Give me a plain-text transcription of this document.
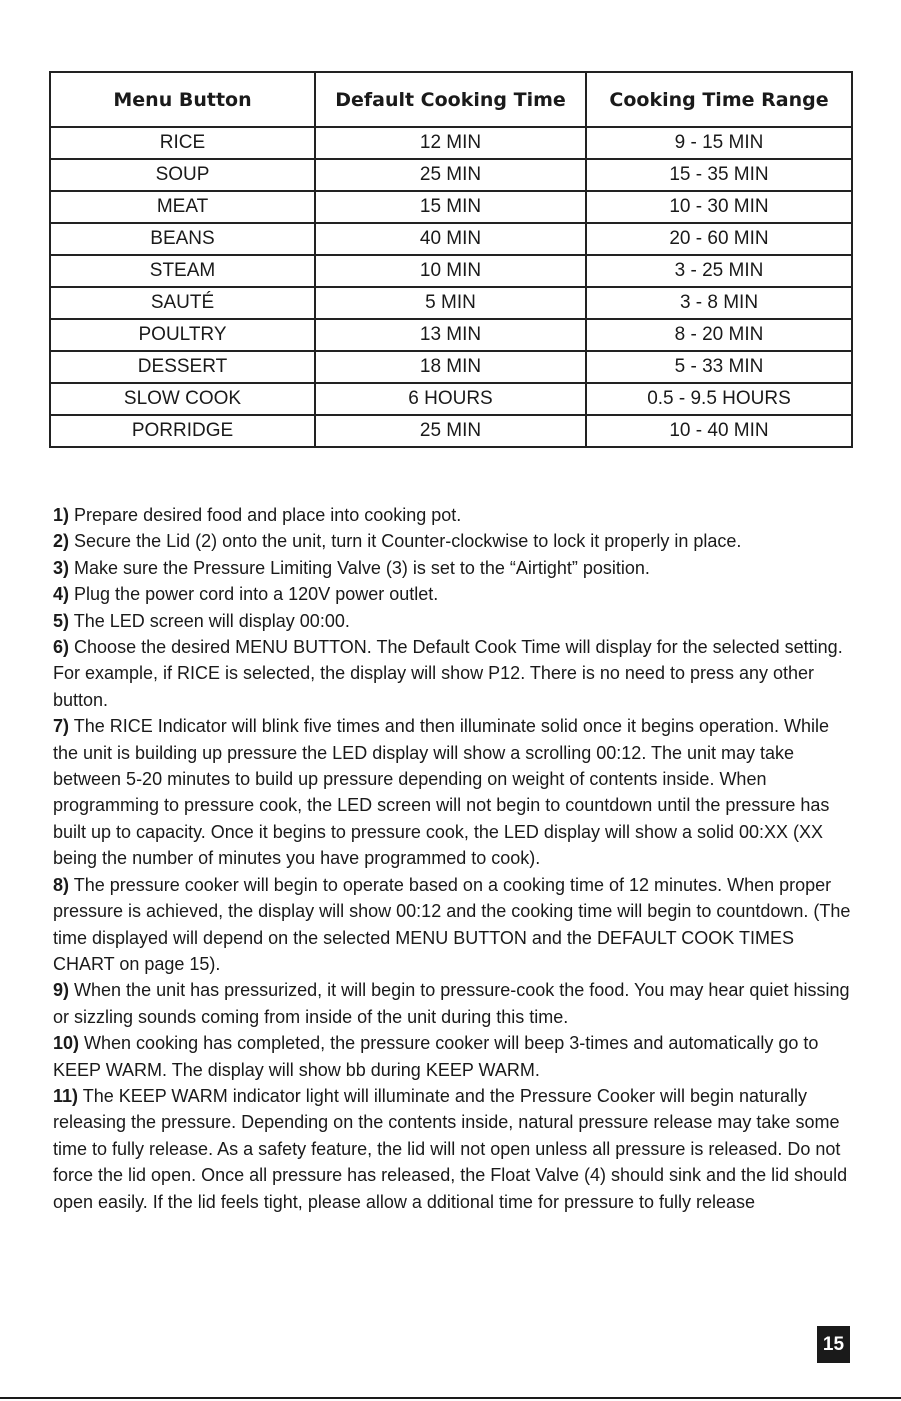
Menu Button	Default Cooking Time	Cooking Time Range
RICE	12 MIN	9 - 15 MIN
SOUP	25 MIN	15 - 35 MIN
MEAT	15 MIN	10 - 30 MIN
BEANS	40 MIN	20 - 60 MIN
STEAM	10 MIN	3 - 25 MIN
SAUTÉ	5 MIN	3 - 8 MIN
POULTRY	13 MIN	8 - 20 MIN
DESSERT	18 MIN	5 - 33 MIN
SLOW COOK	6 HOURS	0.5 - 9.5 HOURS
PORRIDGE	25 MIN	10 - 40 MIN

1) Prepare desired food and place into cooking pot.

2) Secure the Lid (2) onto the unit, turn it Counter-clockwise to lock it properly in place.

3) Make sure the Pressure Limiting Valve (3) is set to the “Airtight” position.

4) Plug the power cord into a 120V power outlet.

5) The LED screen will display 00:00.

6) Choose the desired MENU BUTTON. The Default Cook Time will display for the selected setting. For example, if RICE is selected, the display will show P12. There is no need to press any other button.

7) The RICE Indicator will blink five times and then illuminate solid once it begins operation. While the unit is building up pressure the LED display will show a scrolling 00:12. The unit may take between 5-20 minutes to build up pressure depending on weight of contents inside. When programming to pressure cook, the LED screen will not begin to countdown until the pressure has built up to capacity. Once it begins to pressure cook, the LED display will show a solid 00:XX (XX being the number of minutes you have programmed to cook).

8) The pressure cooker will begin to operate based on a cooking time of 12 minutes. When proper pressure is achieved, the display will show 00:12 and the cooking time will begin to countdown. (The time displayed will depend on the selected MENU BUTTON and the DEFAULT COOK TIMES CHART on page 15).

9) When the unit has pressurized, it will begin to pressure-cook the food. You may hear quiet hissing or sizzling sounds coming from inside of the unit during this time.

10) When cooking has completed, the pressure cooker will beep 3-times and automatically go to KEEP WARM. The display will show bb during KEEP WARM.

11) The KEEP WARM indicator light will illuminate and the Pressure Cooker will begin naturally releasing the pressure. Depending on the contents inside, natural pressure release may take some time to fully release. As a safety feature, the lid will not open unless all pressure is released. Do not force the lid open. Once all pressure has released, the Float Valve (4) should sink and the lid should open easily. If the lid feels tight, please allow a dditional time for pressure to fully release

15
